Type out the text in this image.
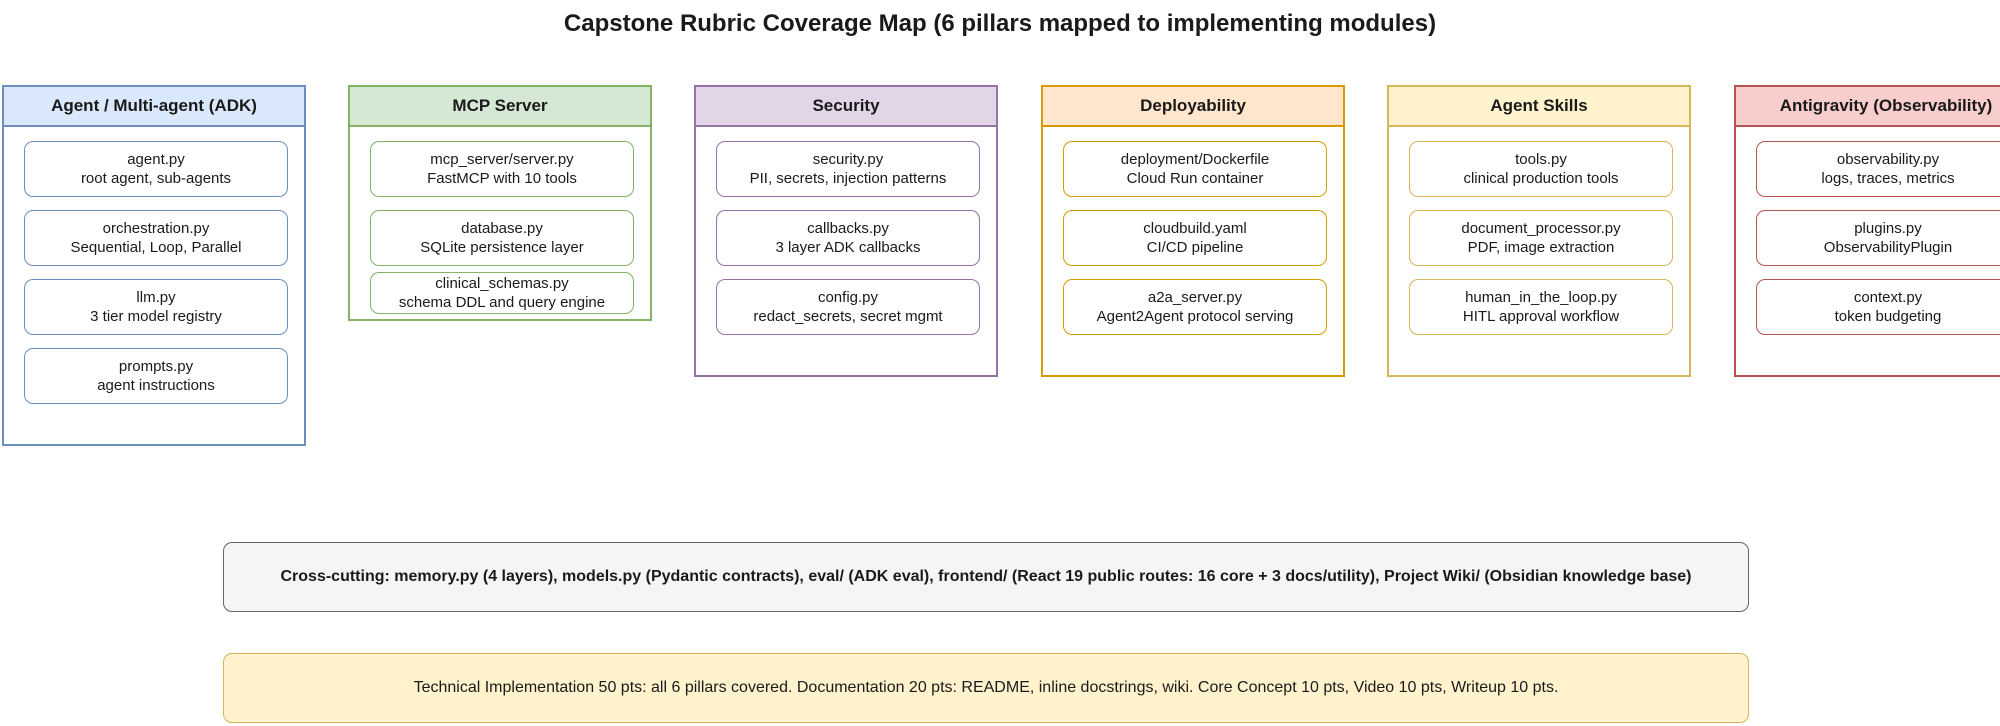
Capstone Rubric Coverage Map (6 pillars mapped to implementing modules)
Agent / Multi-agent (ADK)
agent.py
root agent, sub-agents
orchestration.py
Sequential, Loop, Parallel
llm.py
3 tier model registry
prompts.py
agent instructions
MCP Server
mcp_server/server.py
FastMCP with 10 tools
database.py
SQLite persistence layer
clinical_schemas.py
schema DDL and query engine
Security
security.py
PII, secrets, injection patterns
callbacks.py
3 layer ADK callbacks
config.py
redact_secrets, secret mgmt
Deployability
deployment/Dockerfile
Cloud Run container
cloudbuild.yaml
CI/CD pipeline
a2a_server.py
Agent2Agent protocol serving
Agent Skills
tools.py
clinical production tools
document_processor.py
PDF, image extraction
human_in_the_loop.py
HITL approval workflow
Antigravity (Observability)
observability.py
logs, traces, metrics
plugins.py
ObservabilityPlugin
context.py
token budgeting
Cross-cutting: memory.py (4 layers), models.py (Pydantic contracts), eval/ (ADK eval), frontend/ (React 19 public routes: 16 core + 3 docs/utility), Project Wiki/ (Obsidian knowledge base)
Technical Implementation 50 pts: all 6 pillars covered. Documentation 20 pts: README, inline docstrings, wiki. Core Concept 10 pts, Video 10 pts, Writeup 10 pts.
